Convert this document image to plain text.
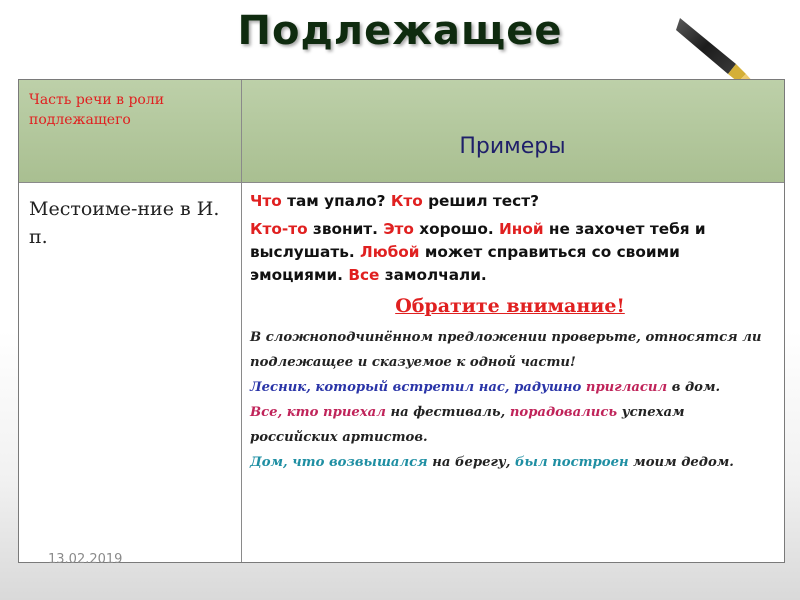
Подлежащее
Часть речи в роли подлежащего
Примеры
Местоиме-ние в И. п.

Что там упало? Кто решил тест?

Кто-то звонит. Это хорошо. Иной не захочет тебя и выслушать. Любой может справиться со своими эмоциями. Все замолчали.

Обратите внимание!

В сложноподчинённом предложении проверьте, относятся ли подлежащее и сказуемое к одной части!

Лесник, который встретил нас, радушно пригласил в дом.

Все, кто приехал на фестиваль, порадовались успехам российских артистов.

Дом, что возвышался на берегу, был построен моим дедом.

13.02.2019
